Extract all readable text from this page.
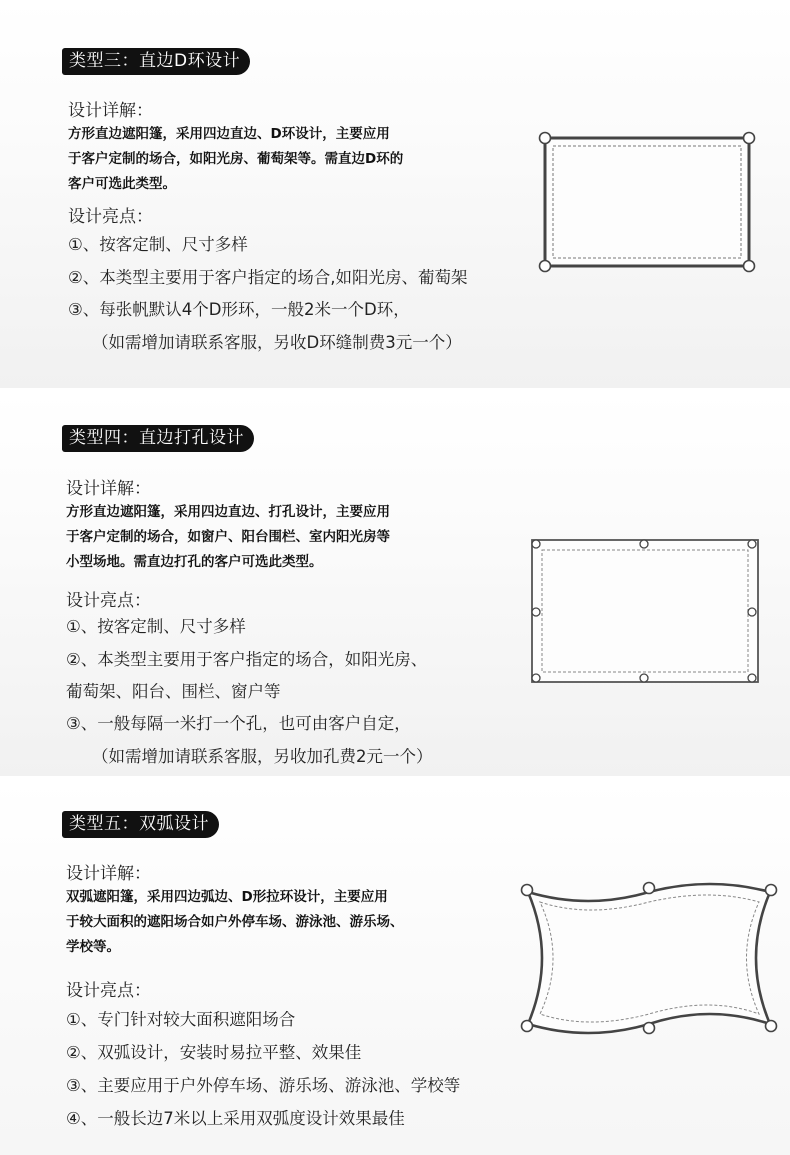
类型三：直边D环设计
设计详解：
方形直边遮阳篷，采用四边直边、D环设计，主要应用
于客户定制的场合，如阳光房、葡萄架等。需直边D环的
客户可选此类型。
设计亮点：
①、按客定制、尺寸多样
②、本类型主要用于客户指定的场合,如阳光房、葡萄架
③、每张帆默认4个D形环，一般2米一个D环，
（如需增加请联系客服，另收D环缝制费3元一个）
类型四：直边打孔设计
设计详解：
方形直边遮阳篷，采用四边直边、打孔设计，主要应用
于客户定制的场合，如窗户、阳台围栏、室内阳光房等
小型场地。需直边打孔的客户可选此类型。
设计亮点：
①、按客定制、尺寸多样
②、本类型主要用于客户指定的场合，如阳光房、
葡萄架、阳台、围栏、窗户等
③、一般每隔一米打一个孔，也可由客户自定，
（如需增加请联系客服，另收加孔费2元一个）
类型五：双弧设计
设计详解：
双弧遮阳篷，采用四边弧边、D形拉环设计，主要应用
于较大面积的遮阳场合如户外停车场、游泳池、游乐场、
学校等。
设计亮点：
①、专门针对较大面积遮阳场合
②、双弧设计，安装时易拉平整、效果佳
③、主要应用于户外停车场、游乐场、游泳池、学校等
④、一般长边7米以上采用双弧度设计效果最佳
